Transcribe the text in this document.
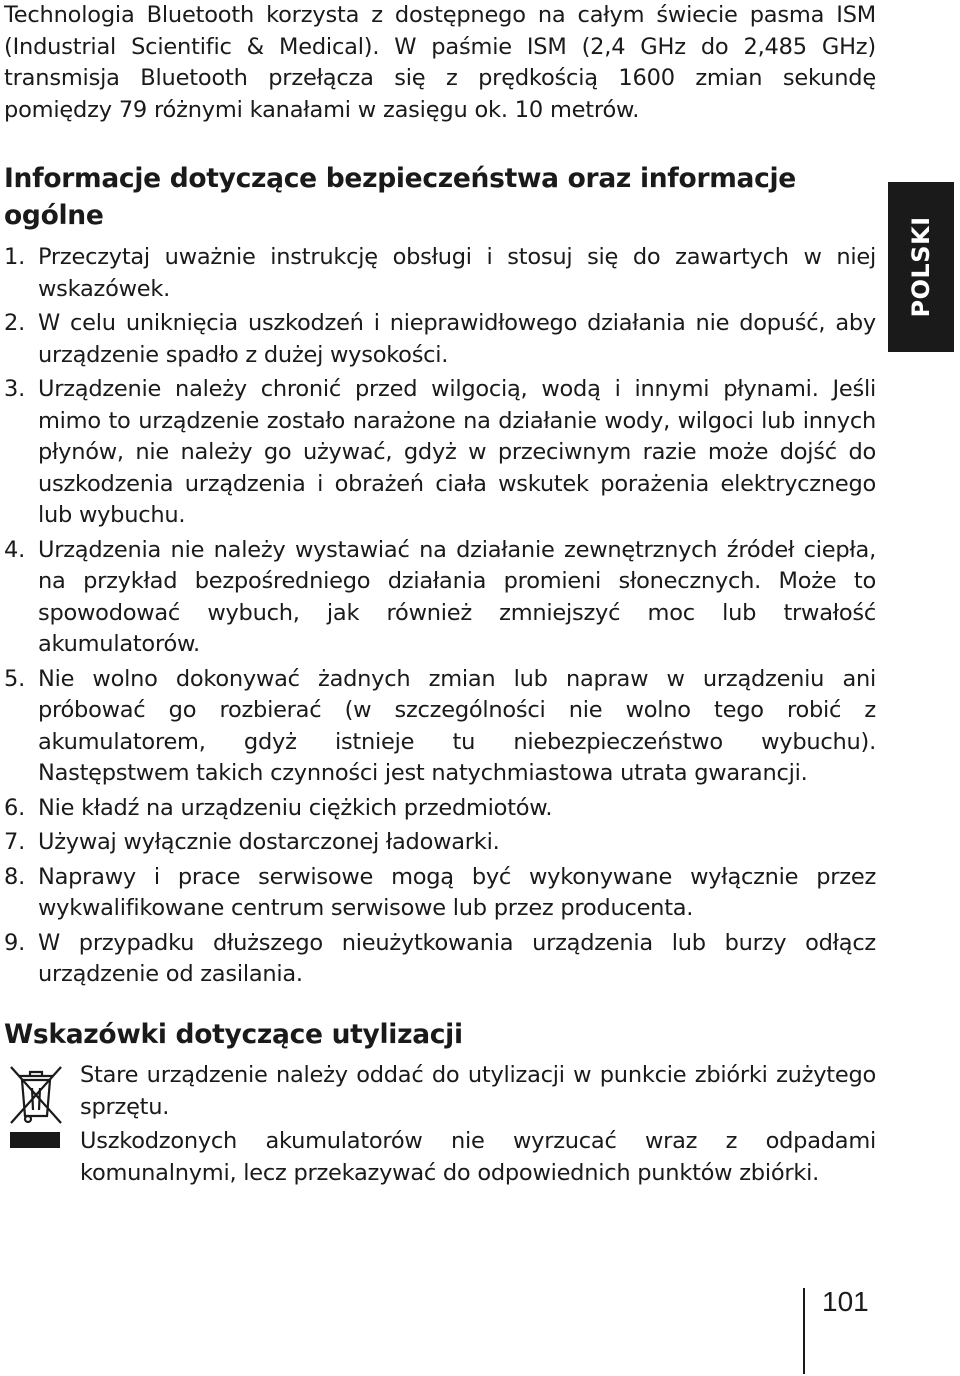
Technologia Bluetooth korzysta z dostępnego na całym świecie pasma ISM (Industrial Scientific & Medical). W paśmie ISM (2,4 GHz do 2,485 GHz) transmisja Bluetooth przełącza się z prędkością 1600 zmian sekundę pomiędzy 79 różnymi kanałami w zasięgu ok. 10 metrów.
Informacje dotyczące bezpieczeństwa oraz informacje ogólne
1. Przeczytaj uważnie instrukcję obsługi i stosuj się do zawartych w niej wskazówek.
2. W celu uniknięcia uszkodzeń i nieprawidłowego działania nie dopuść, aby urządzenie spadło z dużej wysokości.
3. Urządzenie należy chronić przed wilgocią, wodą i innymi płynami. Jeśli mimo to urządzenie zostało narażone na działanie wody, wilgoci lub innych płynów, nie należy go używać, gdyż w przeciwnym razie może dojść do uszkodzenia urządzenia i obrażeń ciała wskutek porażenia elektrycznego lub wybuchu.
4. Urządzenia nie należy wystawiać na działanie zewnętrznych źródeł ciepła, na przykład bezpośredniego działania promieni słonecznych. Może to spowodować wybuch, jak również zmniejszyć moc lub trwałość akumulatorów.
5. Nie wolno dokonywać żadnych zmian lub napraw w urządzeniu ani próbować go rozbierać (w szczególności nie wolno tego robić z akumulatorem, gdyż istnieje tu niebezpieczeństwo wybuchu). Następstwem takich czynności jest natychmiastowa utrata gwarancji.
6. Nie kładź na urządzeniu ciężkich przedmiotów.
7. Używaj wyłącznie dostarczonej ładowarki.
8. Naprawy i prace serwisowe mogą być wykonywane wyłącznie przez wykwalifikowane centrum serwisowe lub przez producenta.
9. W przypadku dłuższego nieużytkowania urządzenia lub burzy odłącz urządzenie od zasilania.
Wskazówki dotyczące utylizacji

Stare urządzenie należy oddać do utylizacji w punkcie zbiórki zużytego sprzętu.

Uszkodzonych akumulatorów nie wyrzucać wraz z odpadami komunalnymi, lecz przekazywać do odpowiednich punktów zbiórki.

POLSKI
101
